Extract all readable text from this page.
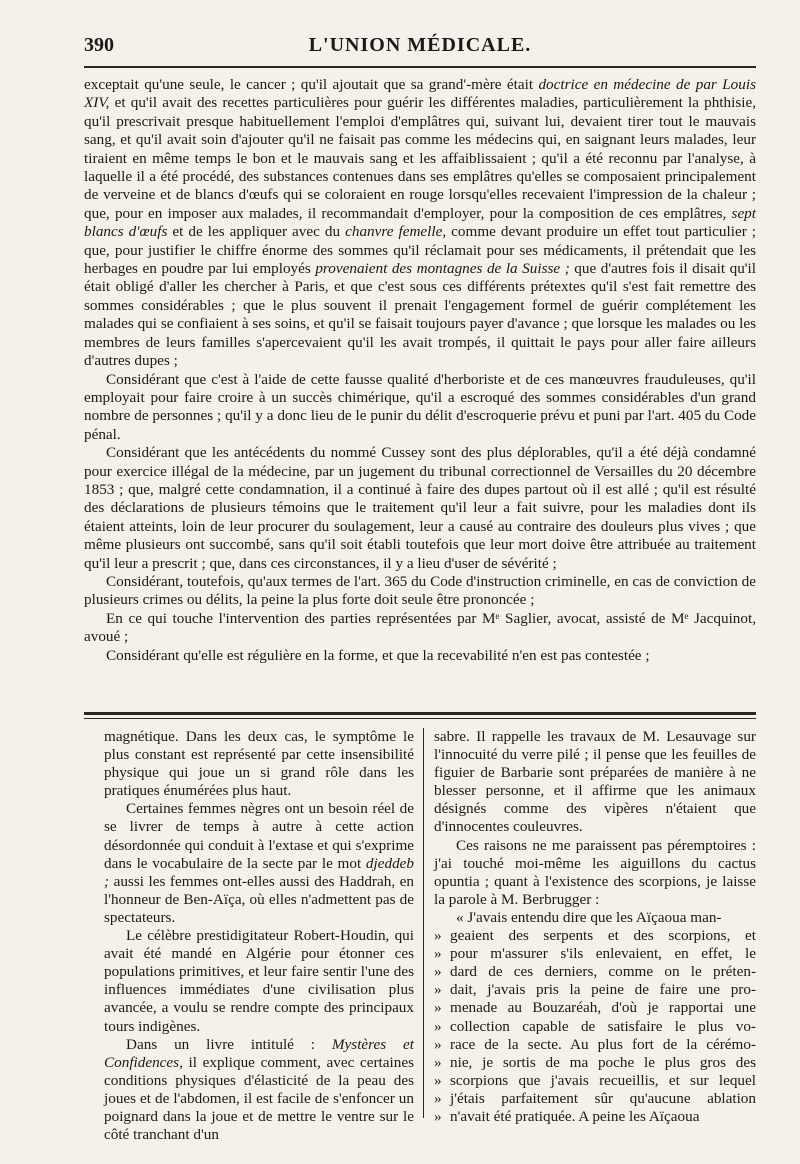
390	L'UNION MÉDICALE.

exceptait qu'une seule, le cancer ; qu'il ajoutait que sa grand'-mère était doctrice en médecine de par Louis XIV, et qu'il avait des recettes particulières pour guérir les différentes maladies, particulièrement la phthisie, qu'il prescrivait presque habituellement l'emploi d'emplâtres qui, suivant lui, devaient tirer tout le mauvais sang, et qu'il avait soin d'ajouter qu'il ne faisait pas comme les médecins qui, en saignant leurs malades, leur tiraient en même temps le bon et le mauvais sang et les affaiblissaient ; qu'il a été reconnu par l'analyse, à laquelle il a été procédé, des substances contenues dans ses emplâtres qu'elles se composaient principalement de verveine et de blancs d'œufs qui se coloraient en rouge lorsqu'elles recevaient l'impression de la chaleur ; que, pour en imposer aux malades, il recommandait d'employer, pour la composition de ces emplâtres, sept blancs d'œufs et de les appliquer avec du chanvre femelle, comme devant produire un effet tout particulier ; que, pour justifier le chiffre énorme des sommes qu'il réclamait pour ses médicaments, il prétendait que les herbages en poudre par lui employés provenaient des montagnes de la Suisse ; que d'autres fois il disait qu'il était obligé d'aller les chercher à Paris, et que c'est sous ces différents prétextes qu'il s'est fait remettre des sommes considérables ; que le plus souvent il prenait l'engagement formel de guérir complétement les malades qui se confiaient à ses soins, et qu'il se faisait toujours payer d'avance ; que lorsque les malades ou les membres de leurs familles s'apercevaient qu'il les avait trompés, il quittait le pays pour aller faire ailleurs d'autres dupes ;

Considérant que c'est à l'aide de cette fausse qualité d'herboriste et de ces manœuvres frauduleuses, qu'il employait pour faire croire à un succès chimérique, qu'il a escroqué des sommes considérables d'un grand nombre de personnes ; qu'il y a donc lieu de le punir du délit d'escroquerie prévu et puni par l'art. 405 du Code pénal.

Considérant que les antécédents du nommé Cussey sont des plus déplorables, qu'il a été déjà condamné pour exercice illégal de la médecine, par un jugement du tribunal correctionnel de Versailles du 20 décembre 1853 ; que, malgré cette condamnation, il a continué à faire des dupes partout où il est allé ; qu'il est résulté des déclarations de plusieurs témoins que le traitement qu'il leur a fait suivre, pour les maladies dont ils étaient atteints, loin de leur procurer du soulagement, leur a causé au contraire des douleurs plus vives ; que même plusieurs ont succombé, sans qu'il soit établi toutefois que leur mort doive être attribuée au traitement qu'il leur a prescrit ; que, dans ces circonstances, il y a lieu d'user de sévérité ;

Considérant, toutefois, qu'aux termes de l'art. 365 du Code d'instruction criminelle, en cas de conviction de plusieurs crimes ou délits, la peine la plus forte doit seule être prononcée ;

En ce qui touche l'intervention des parties représentées par Mᵉ Saglier, avocat, assisté de Mᵉ Jacquinot, avoué ;

Considérant qu'elle est régulière en la forme, et que la recevabilité n'en est pas contestée ;

magnétique. Dans les deux cas, le symptôme le plus constant est représenté par cette insensibilité physique qui joue un si grand rôle dans les pratiques énumérées plus haut.

Certaines femmes nègres ont un besoin réel de se livrer de temps à autre à cette action désordonnée qui conduit à l'extase et qui s'exprime dans le vocabulaire de la secte par le mot djeddeb ; aussi les femmes ont-elles aussi des Haddrah, en l'honneur de Ben-Aïça, où elles n'admettent pas de spectateurs.

Le célèbre prestidigitateur Robert-Houdin, qui avait été mandé en Algérie pour étonner ces populations primitives, et leur faire sentir l'une des influences immédiates d'une civilisation plus avancée, a voulu se rendre compte des principaux tours indigènes.

Dans un livre intitulé : Mystères et Confidences, il explique comment, avec certaines conditions physiques d'élasticité de la peau des joues et de l'abdomen, il est facile de s'enfoncer un poignard dans la joue et de mettre le ventre sur le côté tranchant d'un

sabre. Il rappelle les travaux de M. Lesauvage sur l'innocuité du verre pilé ; il pense que les feuilles de figuier de Barbarie sont préparées de manière à ne blesser personne, et il affirme que les animaux désignés comme des vipères n'étaient que d'innocentes couleuvres.

Ces raisons ne me paraissent pas péremptoires : j'ai touché moi-même les aiguillons du cactus opuntia ; quant à l'existence des scorpions, je laisse la parole à M. Berbrugger :

« J'avais entendu dire que les Aïçaoua man-

» geaient des serpents et des scorpions, et
» pour m'assurer s'ils enlevaient, en effet, le
» dard de ces derniers, comme on le préten-
» dait, j'avais pris la peine de faire une pro-
» menade au Bouzaréah, d'où je rapportai une
» collection capable de satisfaire le plus vo-
» race de la secte. Au plus fort de la cérémo-
» nie, je sortis de ma poche le plus gros des
» scorpions que j'avais recueillis, et sur lequel
» j'étais parfaitement sûr qu'aucune ablation
» n'avait été pratiquée. A peine les Aïçaoua
